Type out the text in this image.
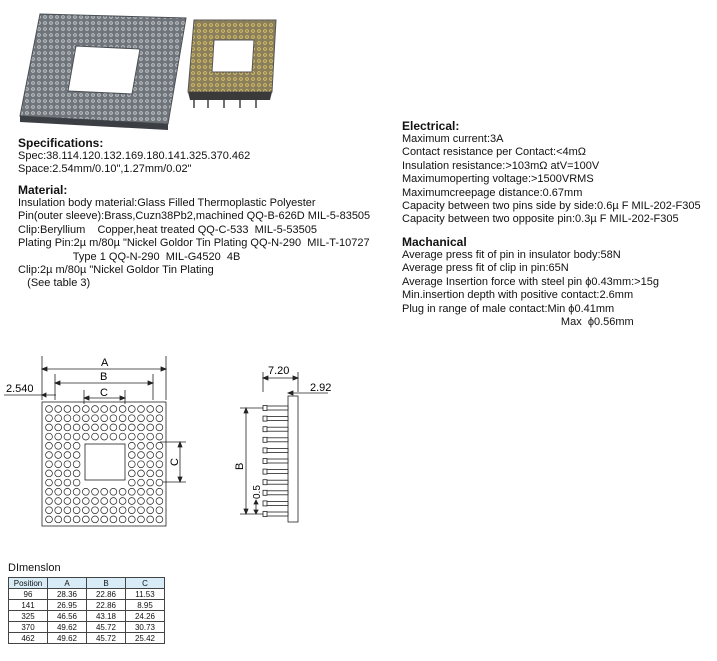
Specifications:
Spec:38.114.120.132.169.180.141.325.370.462
Space:2.54mm/0.10",1.27mm/0.02"
Material:
Insulation body material:Glass Filled Thermoplastic Polyester
Pin(outer sleeve):Brass,Cuzn38Pb2,machined QQ-B-626D MIL-5-83505
Clip:Beryllium    Copper,heat treated QQ-C-533  MIL-5-53505
Plating Pin:2µ m/80µ "Nickel Goldor Tin Plating QQ-N-290  MIL-T-10727
Type 1 QQ-N-290  MIL-G4520  4B
Clip:2µ m/80µ "Nickel Goldor Tin Plating
(See table 3)
Electrical:
Maximum current:3A
Contact resistance per Contact:<4mΩ
Insulation resistance:>103mΩ atV=100V
Maximumoperting voltage:>1500VRMS
Maximumcreepage distance:0.67mm
Capacity between two pins side by side:0.6µ F MIL-202-F305
Capacity between two opposite pin:0.3µ F MIL-202-F305
Machanical
Average press fit of pin in insulator body:58N
Average press fit of clip in pin:65N
Average Insertion force with steel pin ϕ0.43mm:>15g
Min.insertion depth with positive contact:2.6mm
Plug in range of male contact:Min ϕ0.41mm
Max  ϕ0.56mm
A
B
C
2.540
C
7.20
2.92
B
0.5
DImenslon
Position	A	B	C
96	28.36	22.86	11.53
141	26.95	22.86	8.95
325	46.56	43.18	24.26
370	49.62	45.72	30.73
462	49.62	45.72	25.42
